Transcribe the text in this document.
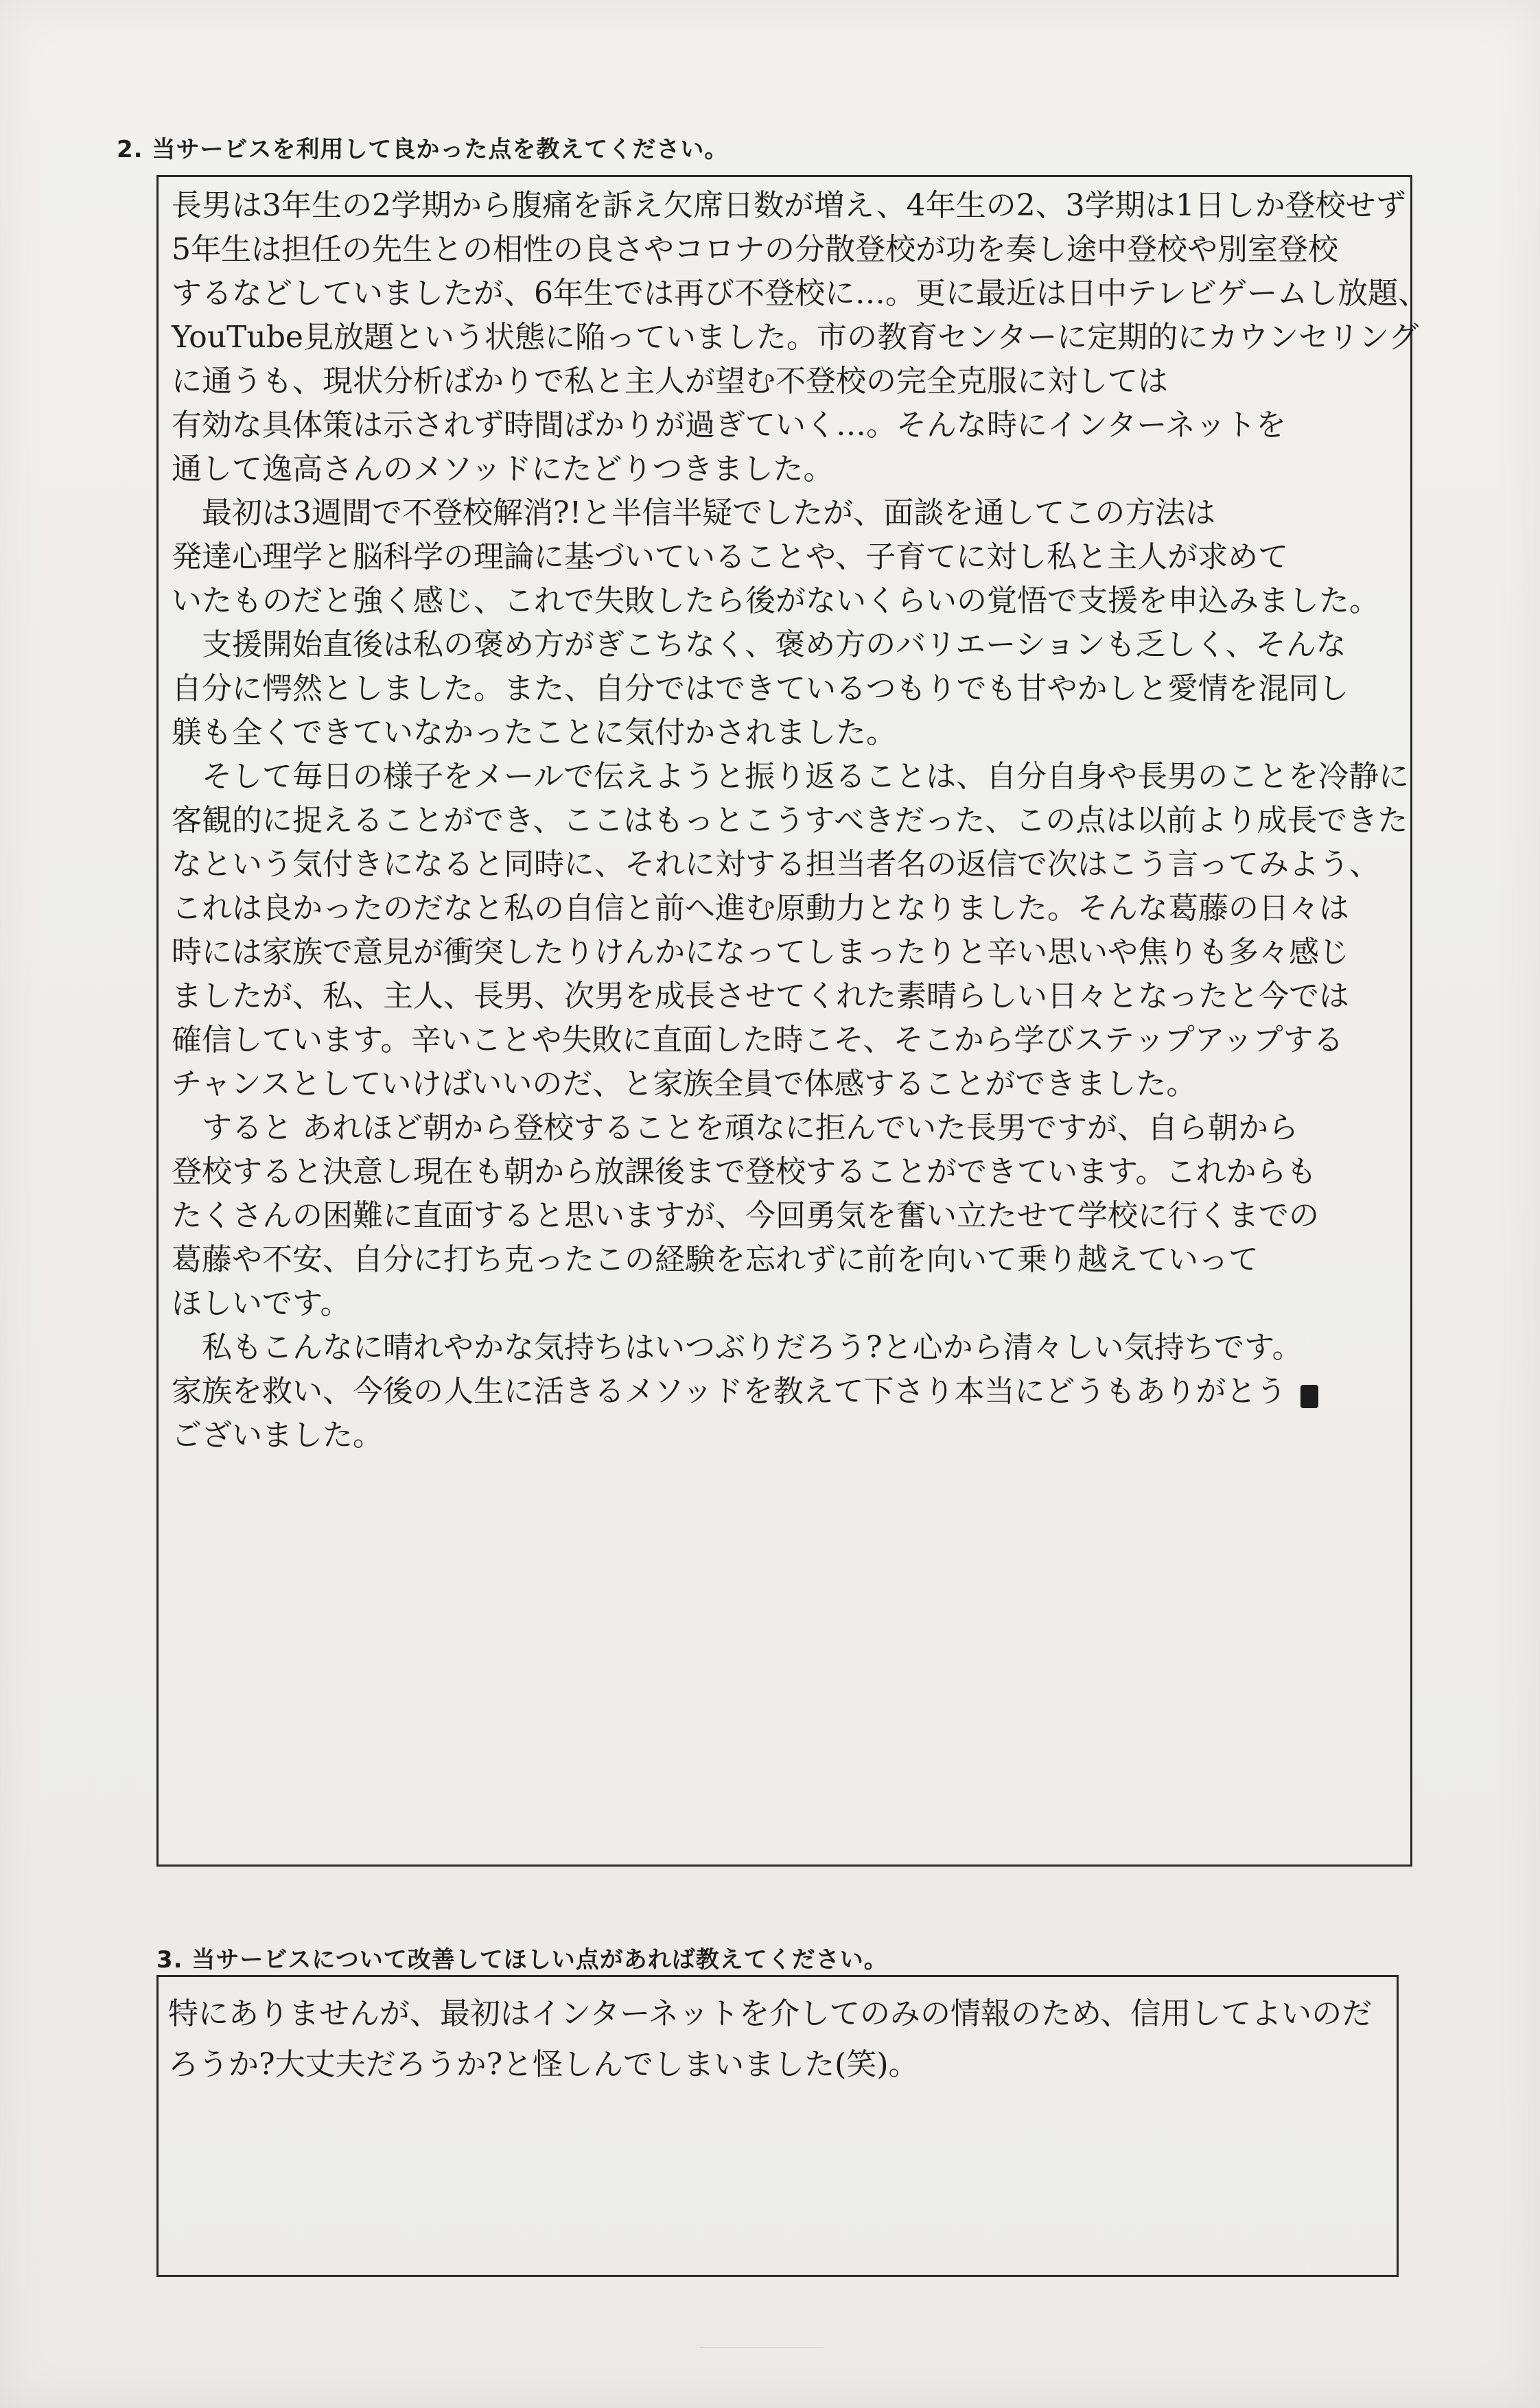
2. 当サービスを利用して良かった点を教えてください。
長男は3年生の2学期から腹痛を訴え欠席日数が増え、4年生の2、3学期は1日しか登校せず
5年生は担任の先生との相性の良さやコロナの分散登校が功を奏し途中登校や別室登校
するなどしていましたが、6年生では再び不登校に…。更に最近は日中テレビゲームし放題、
YouTube見放題という状態に陥っていました。市の教育センターに定期的にカウンセリング
に通うも、現状分析ばかりで私と主人が望む不登校の完全克服に対しては
有効な具体策は示されず時間ばかりが過ぎていく…。そんな時にインターネットを
通して逸高さんのメソッドにたどりつきました。
　最初は3週間で不登校解消?!と半信半疑でしたが、面談を通してこの方法は
発達心理学と脳科学の理論に基づいていることや、子育てに対し私と主人が求めて
いたものだと強く感じ、これで失敗したら後がないくらいの覚悟で支援を申込みました。
　支援開始直後は私の褒め方がぎこちなく、褒め方のバリエーションも乏しく、そんな
自分に愕然としました。また、自分ではできているつもりでも甘やかしと愛情を混同し
躾も全くできていなかったことに気付かされました。
　そして毎日の様子をメールで伝えようと振り返ることは、自分自身や長男のことを冷静に
客観的に捉えることができ、ここはもっとこうすべきだった、この点は以前より成長できた
なという気付きになると同時に、それに対する担当者名の返信で次はこう言ってみよう、
これは良かったのだなと私の自信と前へ進む原動力となりました。そんな葛藤の日々は
時には家族で意見が衝突したりけんかになってしまったりと辛い思いや焦りも多々感じ
ましたが、私、主人、長男、次男を成長させてくれた素晴らしい日々となったと今では
確信しています。辛いことや失敗に直面した時こそ、そこから学びステップアップする
チャンスとしていけばいいのだ、と家族全員で体感することができました。
　すると あれほど朝から登校することを頑なに拒んでいた長男ですが、自ら朝から
登校すると決意し現在も朝から放課後まで登校することができています。これからも
たくさんの困難に直面すると思いますが、今回勇気を奮い立たせて学校に行くまでの
葛藤や不安、自分に打ち克ったこの経験を忘れずに前を向いて乗り越えていって
ほしいです。
　私もこんなに晴れやかな気持ちはいつぶりだろう?と心から清々しい気持ちです。
家族を救い、今後の人生に活きるメソッドを教えて下さり本当にどうもありがとう
ございました。
3. 当サービスについて改善してほしい点があれば教えてください。
特にありませんが、最初はインターネットを介してのみの情報のため、信用してよいのだ
ろうか?大丈夫だろうか?と怪しんでしまいました(笑)。
